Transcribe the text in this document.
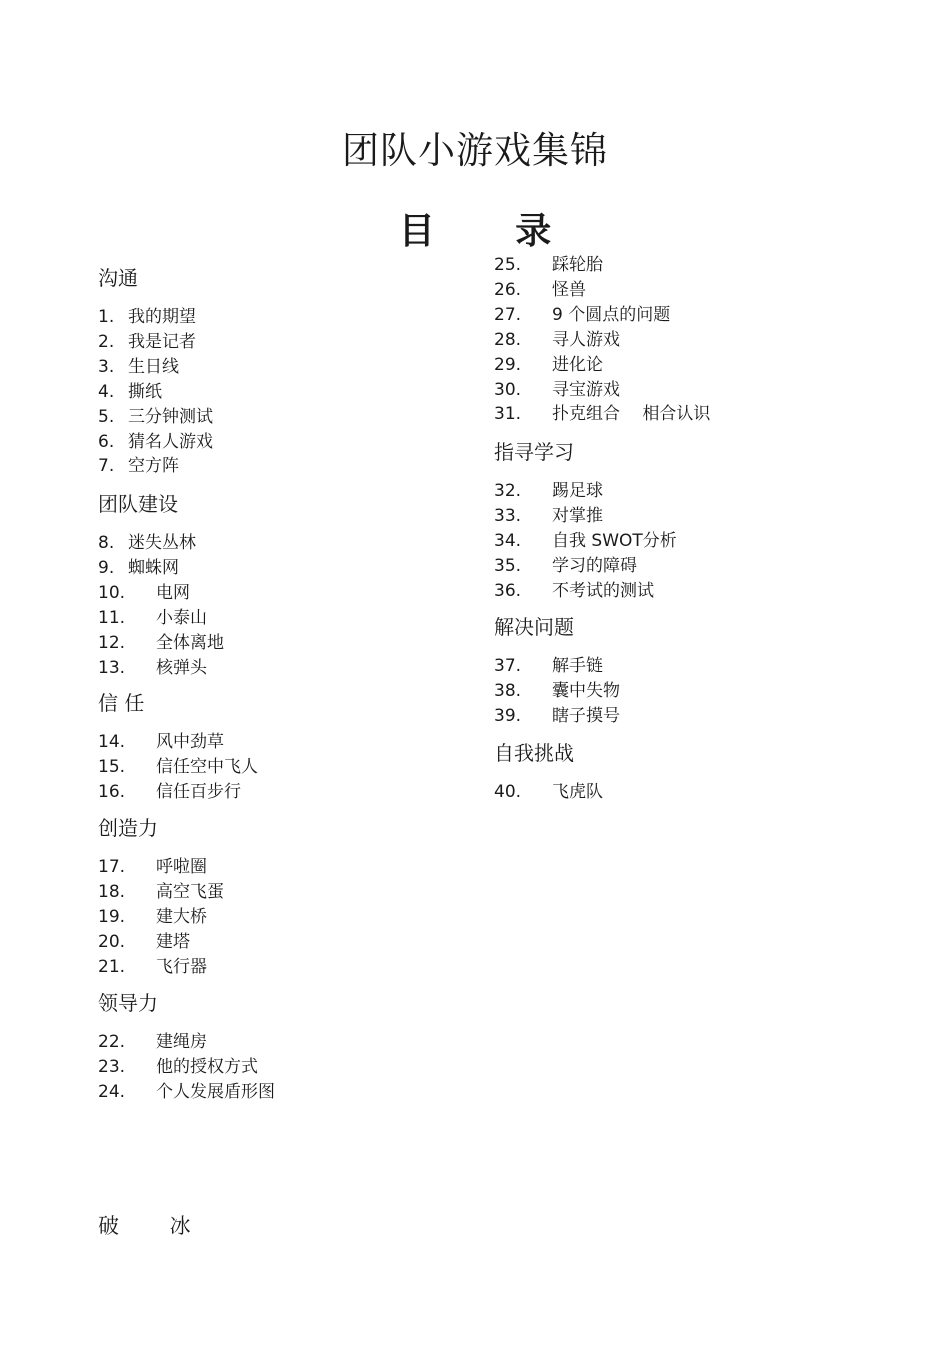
团队小游戏集锦
目 录
沟通
1. 我的期望
2. 我是记者
3. 生日线
4. 撕纸
5. 三分钟测试
6. 猜名人游戏
7. 空方阵
团队建设
8. 迷失丛林
9. 蜘蛛网
10. 电网
11. 小泰山
12. 全体离地
13. 核弹头
信 任
14. 风中劲草
15. 信任空中飞人
16. 信任百步行
创造力
17. 呼啦圈
18. 高空飞蛋
19. 建大桥
20. 建塔
21. 飞行器
领导力
22. 建绳房
23. 他的授权方式
24. 个人发展盾形图
25. 踩轮胎
26. 怪兽
27. 9 个圆点的问题
28. 寻人游戏
29. 进化论
30. 寻宝游戏
31. 扑克组合　 相合认识
指寻学习
32. 踢足球
33. 对掌推
34. 自我 SWOT分析
35. 学习的障碍
36. 不考试的测试
解决问题
37. 解手链
38. 囊中失物
39. 瞎子摸号
自我挑战
40. 飞虎队
破 冰
